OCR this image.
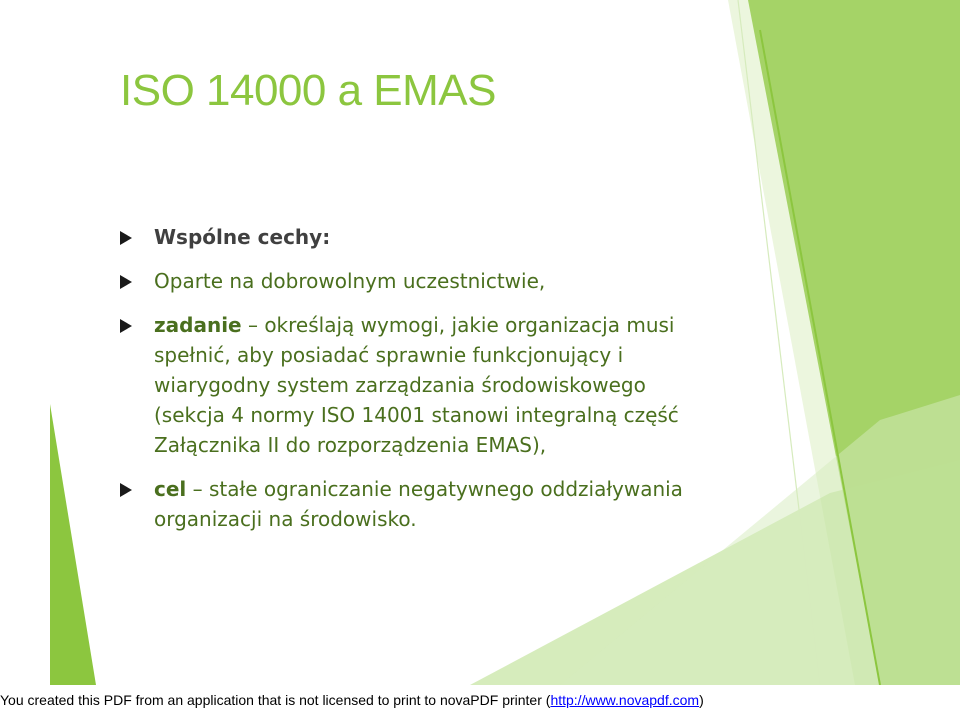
ISO 14000 a EMAS
Wspólne cechy:
Oparte na dobrowolnym uczestnictwie,
zadanie – określają wymogi, jakie organizacja musi spełnić, aby posiadać sprawnie funkcjonujący i wiarygodny system zarządzania środowiskowego (sekcja 4 normy ISO 14001 stanowi integralną część Załącznika II do rozporządzenia EMAS),
cel – stałe ograniczanie negatywnego oddziaływania organizacji na środowisko.
You created this PDF from an application that is not licensed to print to novaPDF printer (http://www.novapdf.com)
